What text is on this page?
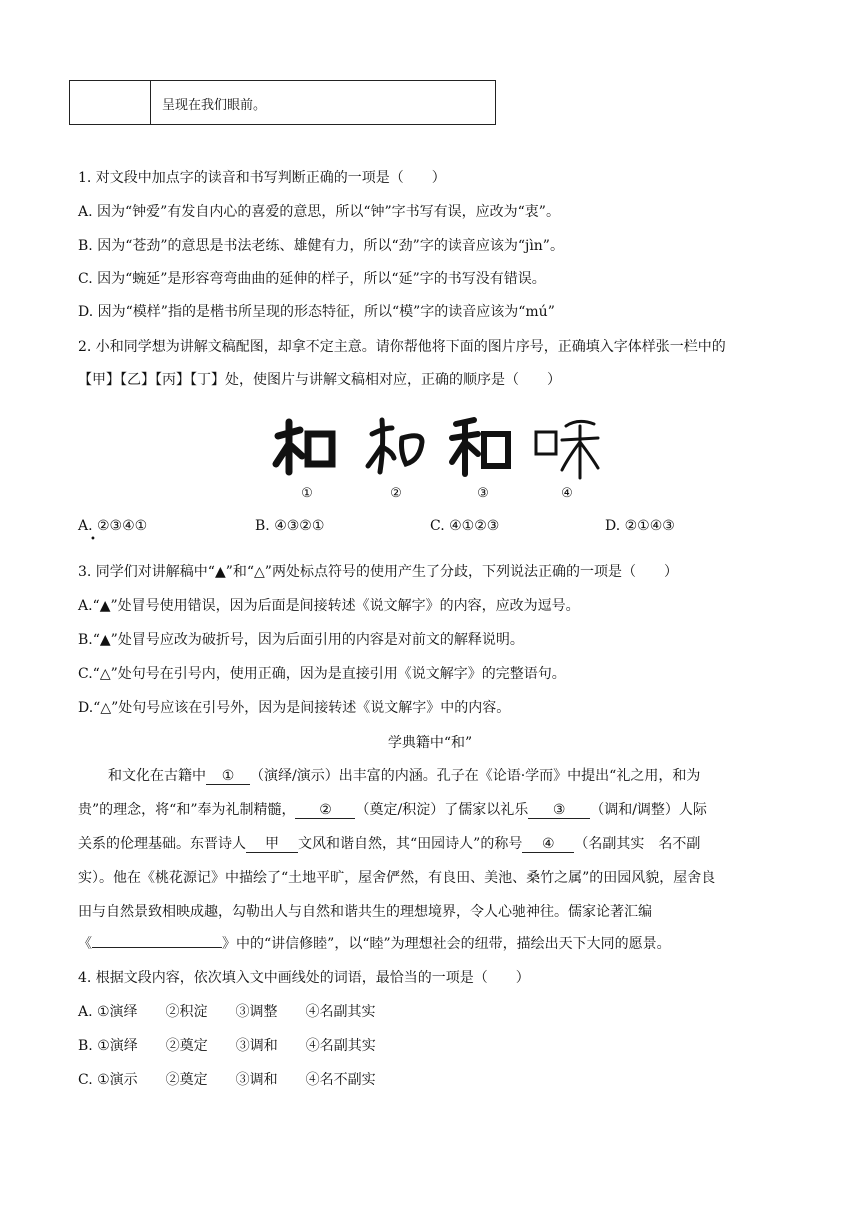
呈现在我们眼前。
1. 对文段中加点字的读音和书写判断正确的一项是（　　）
A. 因为“钟爱”有发自内心的喜爱的意思，所以“钟”字书写有误，应改为“衷”。
B. 因为“苍劲”的意思是书法老练、雄健有力，所以“劲”字的读音应该为“jìn”。
C. 因为“蜿延”是形容弯弯曲曲的延伸的样子，所以“延”字的书写没有错误。
D. 因为“模样”指的是楷书所呈现的形态特征，所以“模”字的读音应该为“mú”
2. 小和同学想为讲解文稿配图，却拿不定主意。请你帮他将下面的图片序号，正确填入字体样张一栏中的
【甲】【乙】【丙】【丁】处，使图片与讲解文稿相对应，正确的顺序是（　　）
①	②	③	④
A. ②③④①
•
B. ④③②①	C. ④①②③	D. ②①④③
3. 同学们对讲解稿中“▲”和“△”两处标点符号的使用产生了分歧，下列说法正确的一项是（　　）
A.“▲”处冒号使用错误，因为后面是间接转述《说文解字》的内容，应改为逗号。
B.“▲”处冒号应改为破折号，因为后面引用的内容是对前文的解释说明。
C.“△”处句号在引号内，使用正确，因为是直接引用《说文解字》的完整语句。
D.“△”处句号应该在引号外，因为是间接转述《说文解字》中的内容。
学典籍中“和”
和文化在古籍中 ① （演绎/演示）出丰富的内涵。孔子在《论语·学而》中提出“礼之用，和为
贵”的理念，将“和”奉为礼制精髓， ② （奠定/积淀）了儒家以礼乐 ③ （调和/调整）人际
关系的伦理基础。东晋诗人 甲 文风和谐自然，其“田园诗人”的称号 ④ （名副其实　名不副
实）。他在《桃花源记》中描绘了“土地平旷，屋舍俨然，有良田、美池、桑竹之属”的田园风貌，屋舍良
田与自然景致相映成趣，勾勒出人与自然和谐共生的理想境界，令人心驰神往。儒家论著汇编
《	》中的“讲信修睦”，以“睦”为理想社会的纽带，描绘出天下大同的愿景。
4. 根据文段内容，依次填入文中画线处的词语，最恰当的一项是（　　）
A. ①演绎　　②积淀　　③调整　　④名副其实
B. ①演绎　　②奠定　　③调和　　④名副其实
C. ①演示　　②奠定　　③调和　　④名不副实
